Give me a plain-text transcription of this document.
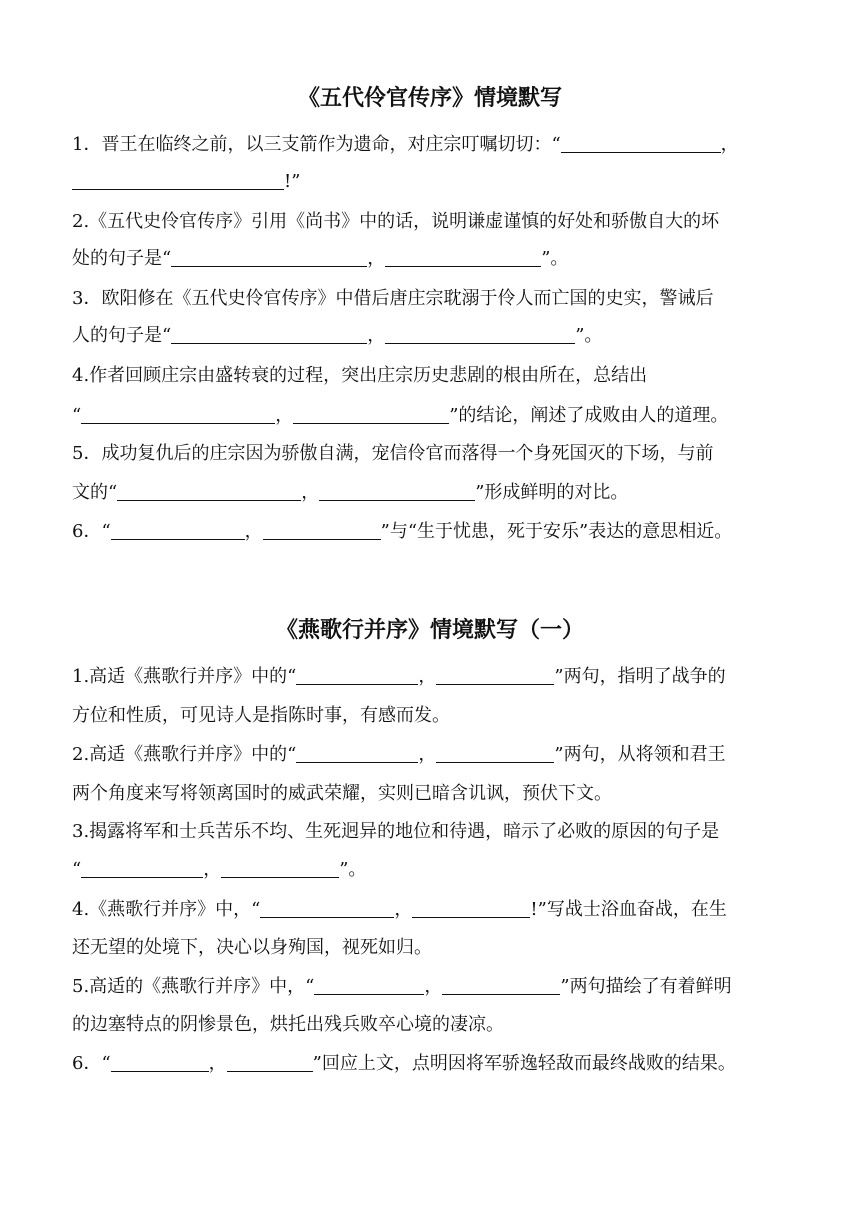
《五代伶官传序》情境默写
1．晋王在临终之前，以三支箭作为遗命，对庄宗叮嘱切切：“	，
!”
2.《五代史伶官传序》引用《尚书》中的话，说明谦虚谨慎的好处和骄傲自大的坏
处的句子是“	，	”。
3．欧阳修在《五代史伶官传序》中借后唐庄宗耽溺于伶人而亡国的史实，警诫后
人的句子是“	，	”。
4.作者回顾庄宗由盛转衰的过程，突出庄宗历史悲剧的根由所在，总结出
“	，	”的结论，阐述了成败由人的道理。
5．成功复仇后的庄宗因为骄傲自满，宠信伶官而落得一个身死国灭的下场，与前
文的“	，	”形成鲜明的对比。
6．“	，	”与“生于忧患，死于安乐”表达的意思相近。
《燕歌行并序》情境默写（一）
1.高适《燕歌行并序》中的“	，	”两句，指明了战争的
方位和性质，可见诗人是指陈时事，有感而发。
2.高适《燕歌行并序》中的“	，	”两句，从将领和君王
两个角度来写将领离国时的威武荣耀，实则已暗含讥讽，预伏下文。
3.揭露将军和士兵苦乐不均、生死迥异的地位和待遇，暗示了必败的原因的句子是
“	，	”。
4.《燕歌行并序》中，“	，	!”写战士浴血奋战，在生
还无望的处境下，决心以身殉国，视死如归。
5.高适的《燕歌行并序》中，“	，	”两句描绘了有着鲜明
的边塞特点的阴惨景色，烘托出残兵败卒心境的凄凉。
6．“	，	”回应上文，点明因将军骄逸轻敌而最终战败的结果。
